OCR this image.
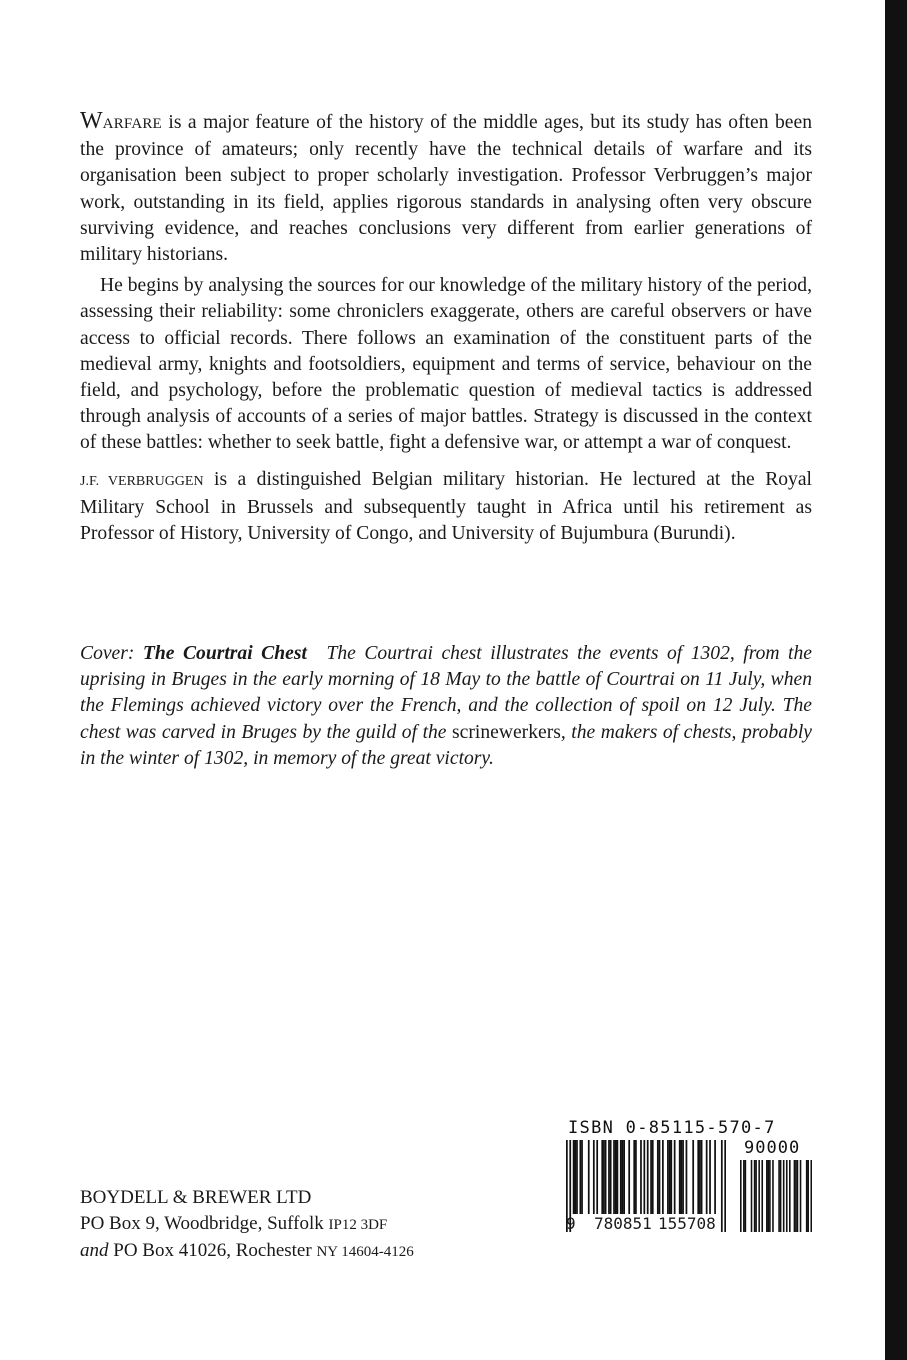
WARFARE is a major feature of the history of the middle ages, but its study has often been the province of amateurs; only recently have the technical details of warfare and its organisation been subject to proper scholarly investigation. Professor Verbruggen’s major work, outstanding in its field, applies rigorous standards in analysing often very obscure surviving evidence, and reaches conclusions very different from earlier generations of military historians.

He begins by analysing the sources for our knowledge of the military history of the period, assessing their reliability: some chroniclers exaggerate, others are careful observers or have access to official records. There follows an examination of the constituent parts of the medieval army, knights and footsoldiers, equipment and terms of service, behaviour on the field, and psychology, before the problematic question of medieval tactics is addressed through analysis of accounts of a series of major battles. Strategy is discussed in the context of these battles: whether to seek battle, fight a defensive war, or attempt a war of conquest.

J.F. VERBRUGGEN is a distinguished Belgian military historian. He lectured at the Royal Military School in Brussels and subsequently taught in Africa until his retirement as Professor of History, University of Congo, and University of Bujumbura (Burundi).

Cover: The Courtrai Chest  The Courtrai chest illustrates the events of 1302, from the uprising in Bruges in the early morning of 18 May to the battle of Courtrai on 11 July, when the Flemings achieved victory over the French, and the collection of spoil on 12 July. The chest was carved in Bruges by the guild of the scrinewerkers, the makers of chests, probably in the winter of 1302, in memory of the great victory.
BOYDELL & BREWER LTD
PO Box 9, Woodbridge, Suffolk IP12 3DF
and PO Box 41026, Rochester NY 14604-4126
ISBN 0-85115-570-7
90000
9 780851 155708
